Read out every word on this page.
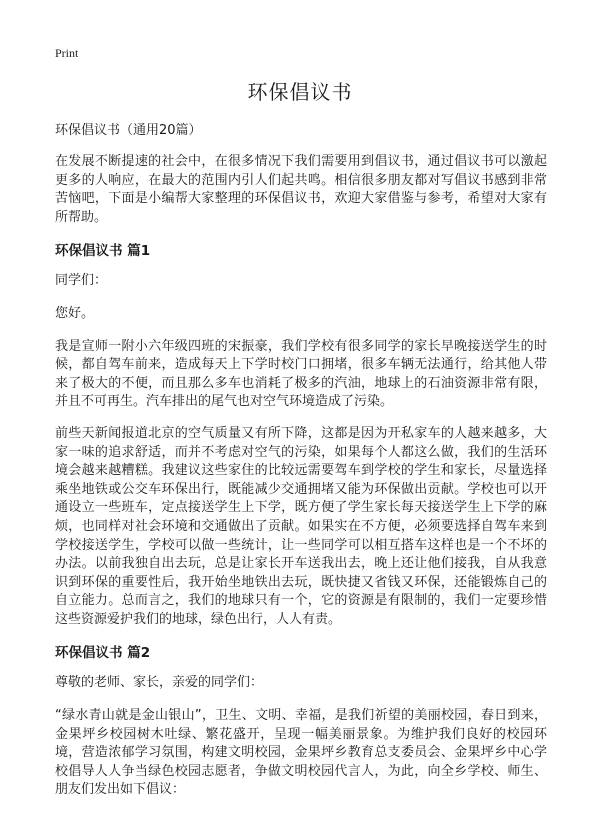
Print
环保倡议书
环保倡议书（通用20篇）

在发展不断提速的社会中，在很多情况下我们需要用到倡议书，通过倡议书可以激起更多的人响应，在最大的范围内引人们起共鸣。相信很多朋友都对写倡议书感到非常苦恼吧，下面是小编帮大家整理的环保倡议书，欢迎大家借鉴与参考，希望对大家有所帮助。

环保倡议书 篇1

同学们：

您好。

我是宣师一附小六年级四班的宋振豪，我们学校有很多同学的家长早晚接送学生的时候，都自驾车前来，造成每天上下学时校门口拥堵，很多车辆无法通行，给其他人带来了极大的不便，而且那么多车也消耗了极多的汽油，地球上的石油资源非常有限，并且不可再生。汽车排出的尾气也对空气环境造成了污染。

前些天新闻报道北京的空气质量又有所下降，这都是因为开私家车的人越来越多，大家一味的追求舒适，而并不考虑对空气的污染，如果每个人都这么做，我们的生活环境会越来越糟糕。我建议这些家住的比较远需要驾车到学校的学生和家长，尽量选择乘坐地铁或公交车环保出行，既能减少交通拥堵又能为环保做出贡献。学校也可以开通设立一些班车，定点接送学生上下学，既方便了学生家长每天接送学生上下学的麻烦，也同样对社会环境和交通做出了贡献。如果实在不方便，必须要选择自驾车来到学校接送学生，学校可以做一些统计，让一些同学可以相互搭车这样也是一个不坏的办法。以前我独自出去玩，总是让家长开车送我出去，晚上还让他们接我，自从我意识到环保的重要性后，我开始坐地铁出去玩，既快捷又省钱又环保，还能锻炼自己的自立能力。总而言之，我们的地球只有一个，它的资源是有限制的，我们一定要珍惜这些资源爱护我们的地球，绿色出行，人人有责。

环保倡议书 篇2

尊敬的老师、家长，亲爱的同学们：

“绿水青山就是金山银山”，卫生、文明、幸福，是我们祈望的美丽校园，春日到来，金果坪乡校园树木吐绿、繁花盛开，呈现一幅美丽景象。为维护我们良好的校园环境，营造浓郁学习氛围，构建文明校园，金果坪乡教育总支委员会、金果坪乡中心学校倡导人人争当绿色校园志愿者，争做文明校园代言人，为此，向全乡学校、师生、朋友们发出如下倡议：
